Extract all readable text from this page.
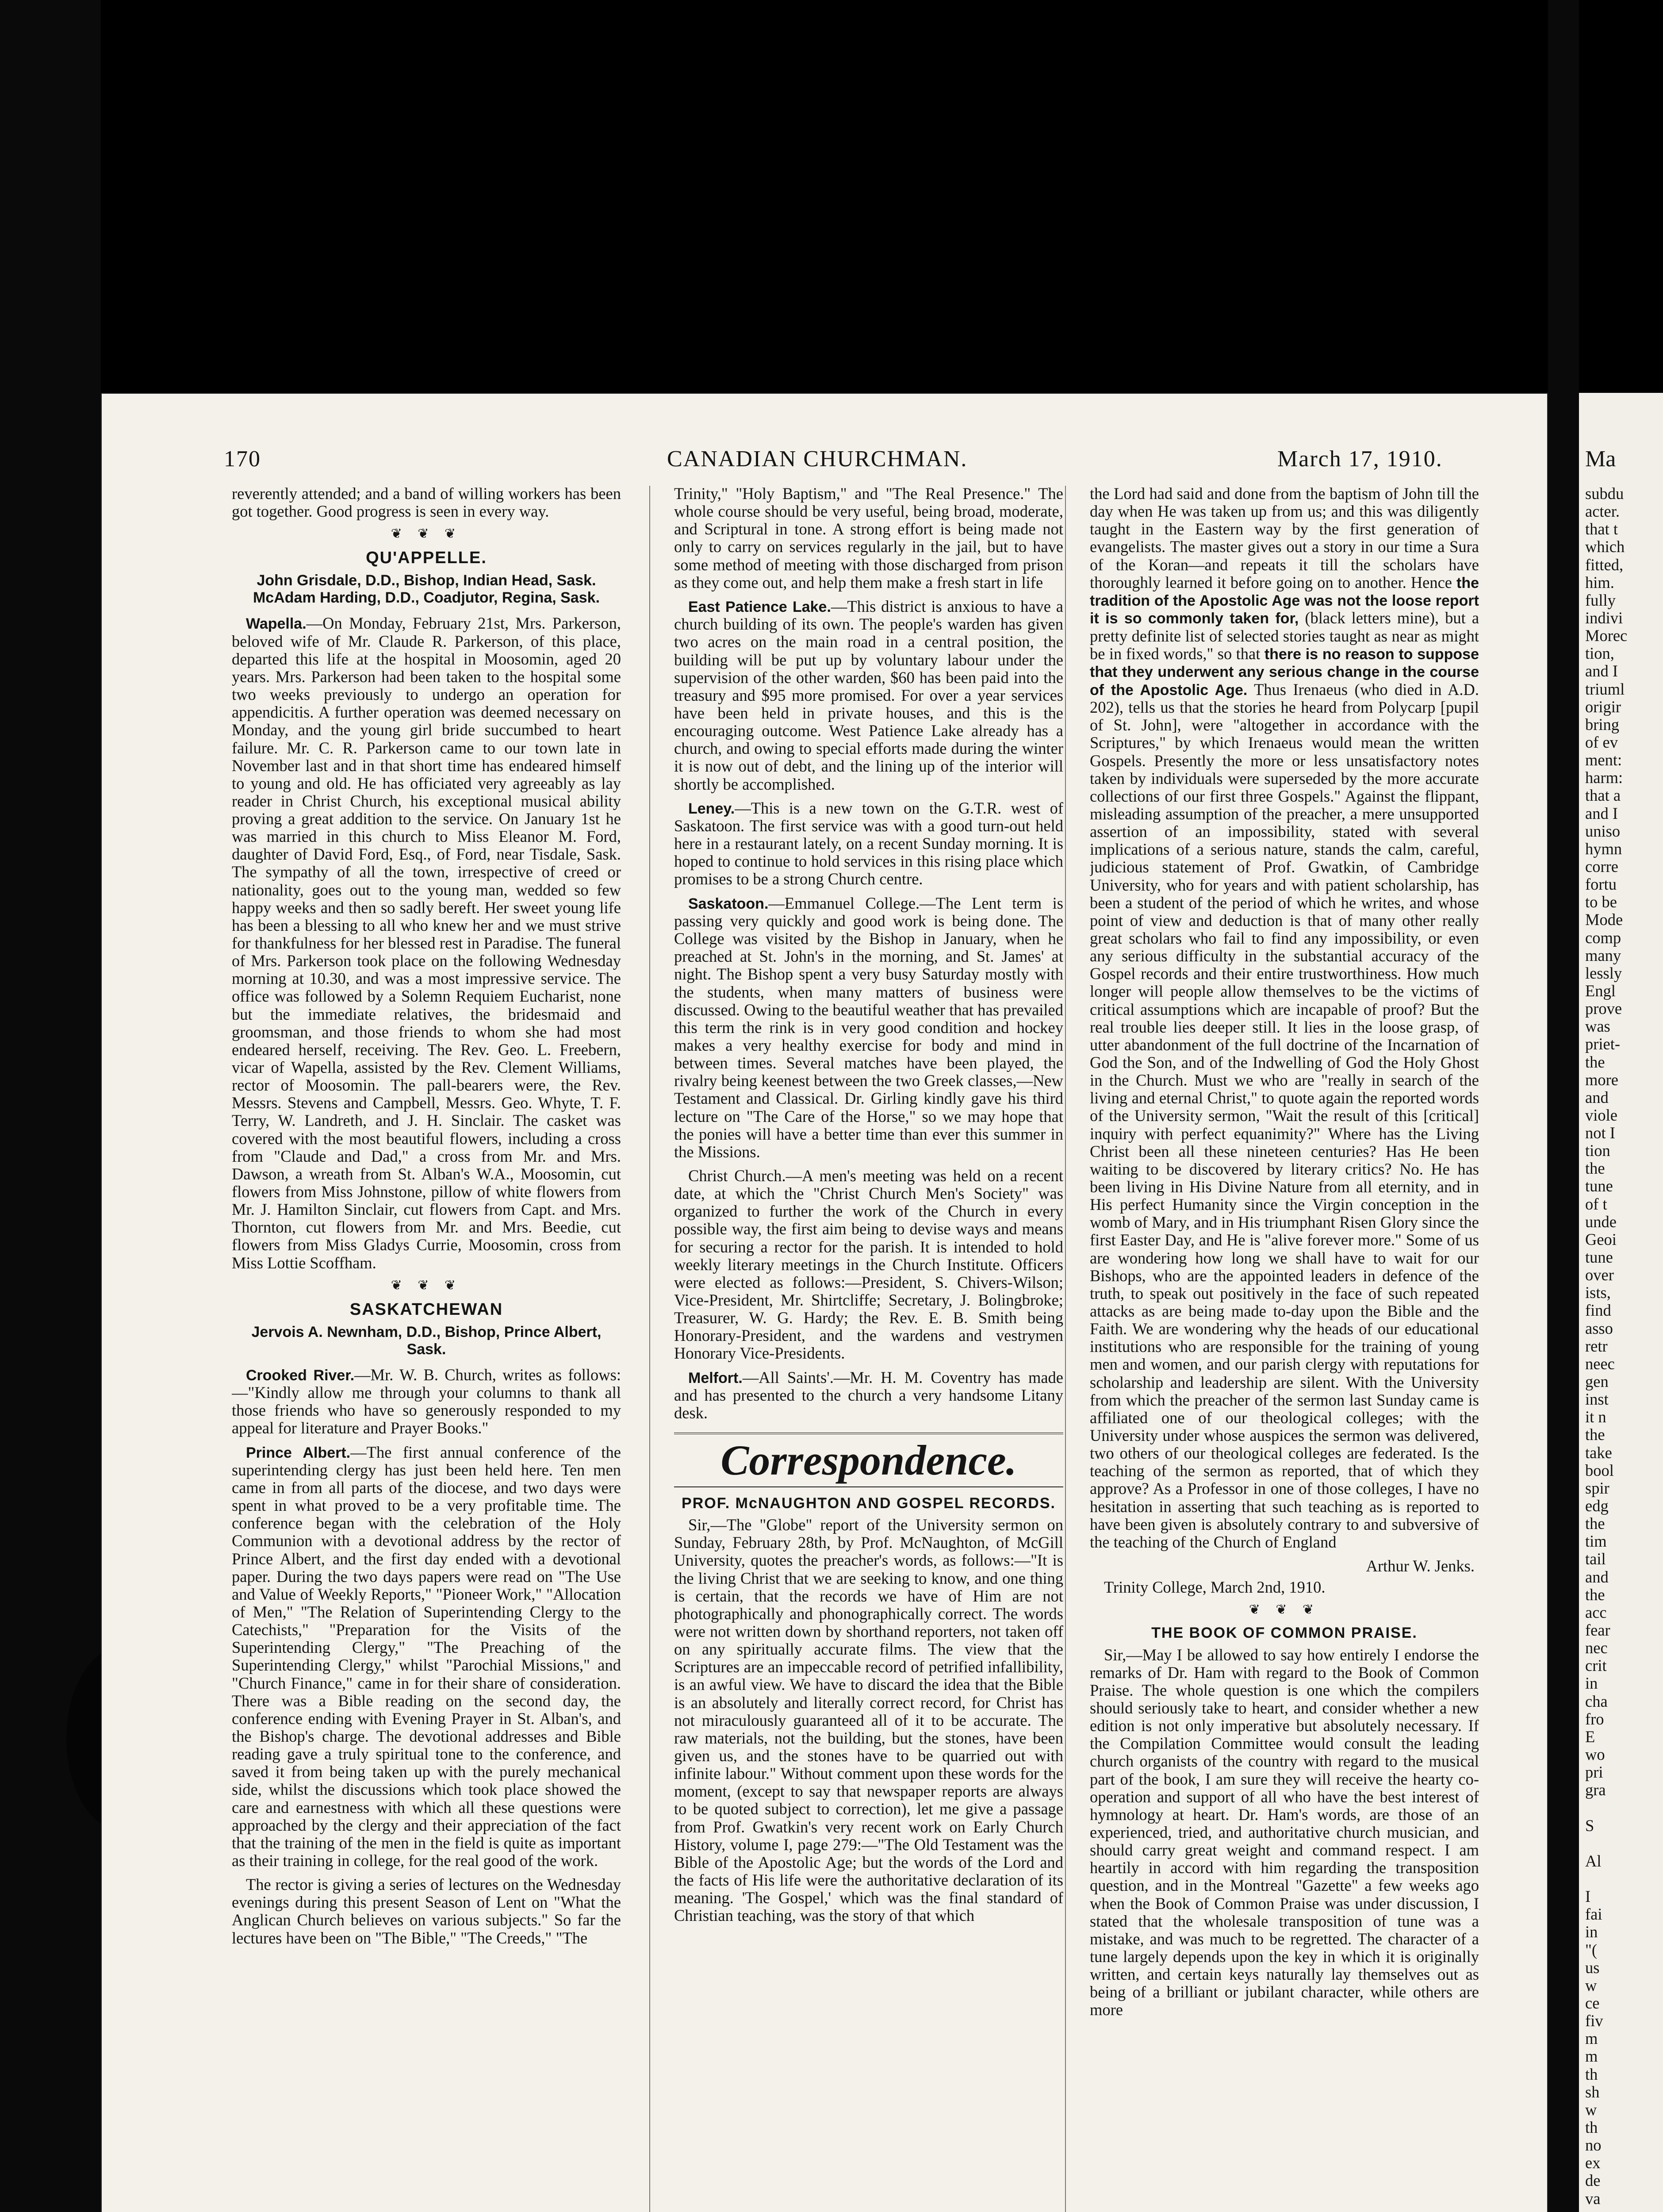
170	CANADIAN CHURCHMAN.	March 17, 1910.

reverently attended; and a band of willing workers has been got together. Good progress is seen in every way.

❦ ❦ ❦
QU'APPELLE.
John Grisdale, D.D., Bishop, Indian Head, Sask. McAdam Harding, D.D., Coadjutor, Regina, Sask.

Wapella.—On Monday, February 21st, Mrs. Parkerson, beloved wife of Mr. Claude R. Parkerson, of this place, departed this life at the hospital in Moosomin, aged 20 years. Mrs. Parkerson had been taken to the hospital some two weeks previously to undergo an operation for appendicitis. A further operation was deemed necessary on Monday, and the young girl bride succumbed to heart failure. Mr. C. R. Parkerson came to our town late in November last and in that short time has endeared himself to young and old. He has officiated very agreeably as lay reader in Christ Church, his exceptional musical ability proving a great addition to the service. On January 1st he was married in this church to Miss Eleanor M. Ford, daughter of David Ford, Esq., of Ford, near Tisdale, Sask. The sympathy of all the town, irrespective of creed or nationality, goes out to the young man, wedded so few happy weeks and then so sadly bereft. Her sweet young life has been a blessing to all who knew her and we must strive for thankfulness for her blessed rest in Paradise. The funeral of Mrs. Parkerson took place on the following Wednesday morning at 10.30, and was a most impressive service. The office was followed by a Solemn Requiem Eucharist, none but the immediate relatives, the bridesmaid and groomsman, and those friends to whom she had most endeared herself, receiving. The Rev. Geo. L. Freebern, vicar of Wapella, assisted by the Rev. Clement Williams, rector of Moosomin. The pall-bearers were, the Rev. Messrs. Stevens and Campbell, Messrs. Geo. Whyte, T. F. Terry, W. Landreth, and J. H. Sinclair. The casket was covered with the most beautiful flowers, including a cross from "Claude and Dad," a cross from Mr. and Mrs. Dawson, a wreath from St. Alban's W.A., Moosomin, cut flowers from Miss Johnstone, pillow of white flowers from Mr. J. Hamilton Sinclair, cut flowers from Capt. and Mrs. Thornton, cut flowers from Mr. and Mrs. Beedie, cut flowers from Miss Gladys Currie, Moosomin, cross from Miss Lottie Scoffham.

❦ ❦ ❦
SASKATCHEWAN
Jervois A. Newnham, D.D., Bishop, Prince Albert, Sask.

Crooked River.—Mr. W. B. Church, writes as follows:—"Kindly allow me through your columns to thank all those friends who have so generously responded to my appeal for literature and Prayer Books."

Prince Albert.—The first annual conference of the superintending clergy has just been held here. Ten men came in from all parts of the diocese, and two days were spent in what proved to be a very profitable time. The conference began with the celebration of the Holy Communion with a devotional address by the rector of Prince Albert, and the first day ended with a devotional paper. During the two days papers were read on "The Use and Value of Weekly Reports," "Pioneer Work," "Allocation of Men," "The Relation of Superintending Clergy to the Catechists," "Preparation for the Visits of the Superintending Clergy," "The Preaching of the Superintending Clergy," whilst "Parochial Missions," and "Church Finance," came in for their share of consideration. There was a Bible reading on the second day, the conference ending with Evening Prayer in St. Alban's, and the Bishop's charge. The devotional addresses and Bible reading gave a truly spiritual tone to the conference, and saved it from being taken up with the purely mechanical side, whilst the discussions which took place showed the care and earnestness with which all these questions were approached by the clergy and their appreciation of the fact that the training of the men in the field is quite as important as their training in college, for the real good of the work.

The rector is giving a series of lectures on the Wednesday evenings during this present Season of Lent on "What the Anglican Church believes on various subjects." So far the lectures have been on "The Bible," "The Creeds," "The

Trinity," "Holy Baptism," and "The Real Presence." The whole course should be very useful, being broad, moderate, and Scriptural in tone. A strong effort is being made not only to carry on services regularly in the jail, but to have some method of meeting with those discharged from prison as they come out, and help them make a fresh start in life

East Patience Lake.—This district is anxious to have a church building of its own. The people's warden has given two acres on the main road in a central position, the building will be put up by voluntary labour under the supervision of the other warden, $60 has been paid into the treasury and $95 more promised. For over a year services have been held in private houses, and this is the encouraging outcome. West Patience Lake already has a church, and owing to special efforts made during the winter it is now out of debt, and the lining up of the interior will shortly be accomplished.

Leney.—This is a new town on the G.T.R. west of Saskatoon. The first service was with a good turn-out held here in a restaurant lately, on a recent Sunday morning. It is hoped to continue to hold services in this rising place which promises to be a strong Church centre.

Saskatoon.—Emmanuel College.—The Lent term is passing very quickly and good work is being done. The College was visited by the Bishop in January, when he preached at St. John's in the morning, and St. James' at night. The Bishop spent a very busy Saturday mostly with the students, when many matters of business were discussed. Owing to the beautiful weather that has prevailed this term the rink is in very good condition and hockey makes a very healthy exercise for body and mind in between times. Several matches have been played, the rivalry being keenest between the two Greek classes,—New Testament and Classical. Dr. Girling kindly gave his third lecture on "The Care of the Horse," so we may hope that the ponies will have a better time than ever this summer in the Missions.

Christ Church.—A men's meeting was held on a recent date, at which the "Christ Church Men's Society" was organized to further the work of the Church in every possible way, the first aim being to devise ways and means for securing a rector for the parish. It is intended to hold weekly literary meetings in the Church Institute. Officers were elected as follows:—President, S. Chivers-Wilson; Vice-President, Mr. Shirtcliffe; Secretary, J. Bolingbroke; Treasurer, W. G. Hardy; the Rev. E. B. Smith being Honorary-President, and the wardens and vestrymen Honorary Vice-Presidents.

Melfort.—All Saints'.—Mr. H. M. Coventry has made and has presented to the church a very handsome Litany desk.

Correspondence.
PROF. McNAUGHTON AND GOSPEL RECORDS.

Sir,—The "Globe" report of the University sermon on Sunday, February 28th, by Prof. McNaughton, of McGill University, quotes the preacher's words, as follows:—"It is the living Christ that we are seeking to know, and one thing is certain, that the records we have of Him are not photographically and phonographically correct. The words were not written down by shorthand reporters, not taken off on any spiritually accurate films. The view that the Scriptures are an impeccable record of petrified infallibility, is an awful view. We have to discard the idea that the Bible is an absolutely and literally correct record, for Christ has not miraculously guaranteed all of it to be accurate. The raw materials, not the building, but the stones, have been given us, and the stones have to be quarried out with infinite labour." Without comment upon these words for the moment, (except to say that newspaper reports are always to be quoted subject to correction), let me give a passage from Prof. Gwatkin's very recent work on Early Church History, volume I, page 279:—"The Old Testament was the Bible of the Apostolic Age; but the words of the Lord and the facts of His life were the authoritative declaration of its meaning. 'The Gospel,' which was the final standard of Christian teaching, was the story of that which

the Lord had said and done from the baptism of John till the day when He was taken up from us; and this was diligently taught in the Eastern way by the first generation of evangelists. The master gives out a story in our time a Sura of the Koran—and repeats it till the scholars have thoroughly learned it before going on to another. Hence the tradition of the Apostolic Age was not the loose report it is so commonly taken for, (black letters mine), but a pretty definite list of selected stories taught as near as might be in fixed words," so that there is no reason to suppose that they underwent any serious change in the course of the Apostolic Age. Thus Irenaeus (who died in A.D. 202), tells us that the stories he heard from Polycarp [pupil of St. John], were "altogether in accordance with the Scriptures," by which Irenaeus would mean the written Gospels. Presently the more or less unsatisfactory notes taken by individuals were superseded by the more accurate collections of our first three Gospels." Against the flippant, misleading assumption of the preacher, a mere unsupported assertion of an impossibility, stated with several implications of a serious nature, stands the calm, careful, judicious statement of Prof. Gwatkin, of Cambridge University, who for years and with patient scholarship, has been a student of the period of which he writes, and whose point of view and deduction is that of many other really great scholars who fail to find any impossibility, or even any serious difficulty in the substantial accuracy of the Gospel records and their entire trustworthiness. How much longer will people allow themselves to be the victims of critical assumptions which are incapable of proof? But the real trouble lies deeper still. It lies in the loose grasp, of utter abandonment of the full doctrine of the Incarnation of God the Son, and of the Indwelling of God the Holy Ghost in the Church. Must we who are "really in search of the living and eternal Christ," to quote again the reported words of the University sermon, "Wait the result of this [critical] inquiry with perfect equanimity?" Where has the Living Christ been all these nineteen centuries? Has He been waiting to be discovered by literary critics? No. He has been living in His Divine Nature from all eternity, and in His perfect Humanity since the Virgin conception in the womb of Mary, and in His triumphant Risen Glory since the first Easter Day, and He is "alive forever more." Some of us are wondering how long we shall have to wait for our Bishops, who are the appointed leaders in defence of the truth, to speak out positively in the face of such repeated attacks as are being made to-day upon the Bible and the Faith. We are wondering why the heads of our educational institutions who are responsible for the training of young men and women, and our parish clergy with reputations for scholarship and leadership are silent. With the University from which the preacher of the sermon last Sunday came is affiliated one of our theological colleges; with the University under whose auspices the sermon was delivered, two others of our theological colleges are federated. Is the teaching of the sermon as reported, that of which they approve? As a Professor in one of those colleges, I have no hesitation in asserting that such teaching as is reported to have been given is absolutely contrary to and subversive of the teaching of the Church of England

Arthur W. Jenks.

Trinity College, March 2nd, 1910.

❦ ❦ ❦
THE BOOK OF COMMON PRAISE.

Sir,—May I be allowed to say how entirely I endorse the remarks of Dr. Ham with regard to the Book of Common Praise. The whole question is one which the compilers should seriously take to heart, and consider whether a new edition is not only imperative but absolutely necessary. If the Compilation Committee would consult the leading church organists of the country with regard to the musical part of the book, I am sure they will receive the hearty co-operation and support of all who have the best interest of hymnology at heart. Dr. Ham's words, are those of an experienced, tried, and authoritative church musician, and should carry great weight and command respect. I am heartily in accord with him regarding the transposition question, and in the Montreal "Gazette" a few weeks ago when the Book of Common Praise was under discussion, I stated that the wholesale transposition of tune was a mistake, and was much to be regretted. The character of a tune largely depends upon the key in which it is originally written, and certain keys naturally lay themselves out as being of a brilliant or jubilant character, while others are more

Ma
subdu
acter.
that t
which
fitted,
him.
fully
indivi
Morec
tion,
and I
triuml
origir
bring
of ev
ment:
harm:
that a
and I
uniso
hymn
corre
fortu
to be
Mode
comp
many
lessly
Engl
prove
was
priet-
the
more
and
viole
not I
tion
the
tune
of t
unde
Geoi
tune
over
ists,
find
asso
retr
neec
gen
inst
it n
the
take
bool
spir
edg
the
tim
tail
and
the
acc
fear
nec
crit
in
cha
fro
E
wo
pri
gra

S

Al

I
fai
in
"(
us
w
ce
fiv
m
m
th
sh
w
th
no
ex
de
va
